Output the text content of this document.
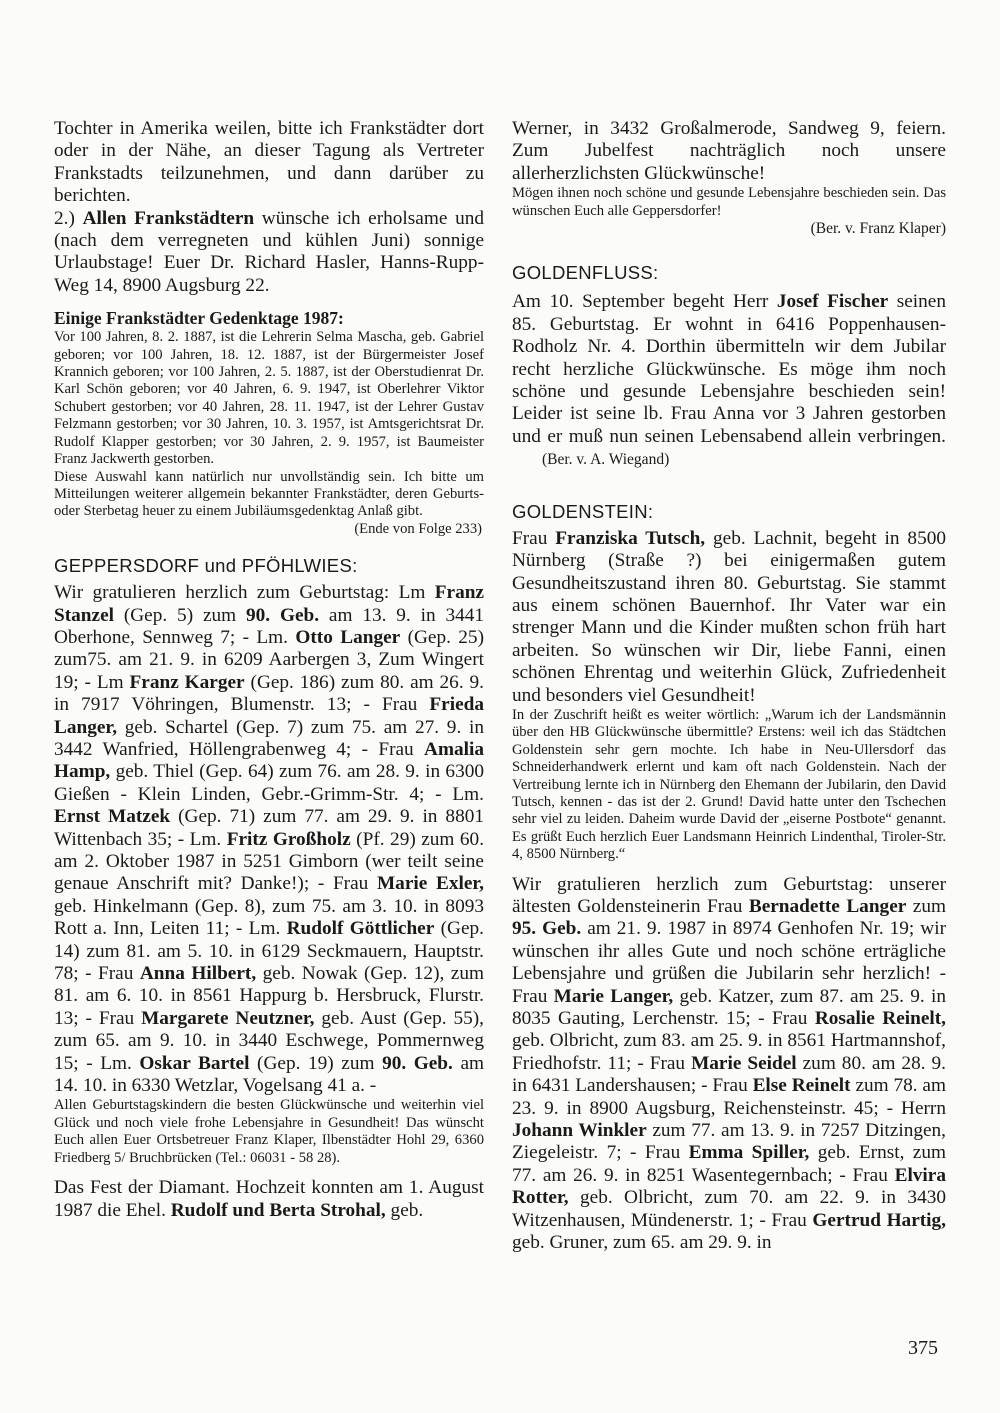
Tochter in Amerika weilen, bitte ich Frankstädter dort oder in der Nähe, an dieser Tagung als Vertreter Frankstadts teilzunehmen, und dann darüber zu berichten.

2.) Allen Frankstädtern wünsche ich erholsame und (nach dem verregneten und kühlen Juni) sonnige Urlaubstage! Euer Dr. Richard Hasler, Hanns-Rupp-Weg 14, 8900 Augsburg 22.

Einige Frankstädter Gedenktage 1987:

Vor 100 Jahren, 8. 2. 1887, ist die Lehrerin Selma Mascha, geb. Gabriel geboren; vor 100 Jahren, 18. 12. 1887, ist der Bürgermeister Josef Krannich geboren; vor 100 Jahren, 2. 5. 1887, ist der Oberstudienrat Dr. Karl Schön geboren; vor 40 Jahren, 6. 9. 1947, ist Oberlehrer Viktor Schubert gestorben; vor 40 Jahren, 28. 11. 1947, ist der Lehrer Gustav Felzmann gestorben; vor 30 Jahren, 10. 3. 1957, ist Amtsgerichtsrat Dr. Rudolf Klapper gestorben; vor 30 Jahren, 2. 9. 1957, ist Baumeister Franz Jackwerth gestorben.

Diese Auswahl kann natürlich nur unvollständig sein. Ich bitte um Mitteilungen weiterer allgemein bekannter Frankstädter, deren Geburts- oder Sterbetag heuer zu einem Jubiläumsgedenktag Anlaß gibt.

(Ende von Folge 233)

GEPPERSDORF und PFÖHLWIES:

Wir gratulieren herzlich zum Geburtstag: Lm Franz Stanzel (Gep. 5) zum 90. Geb. am 13. 9. in 3441 Oberhone, Sennweg 7; - Lm. Otto Langer (Gep. 25) zum75. am 21. 9. in 6209 Aarbergen 3, Zum Wingert 19; - Lm Franz Karger (Gep. 186) zum 80. am 26. 9. in 7917 Vöhringen, Blumenstr. 13; - Frau Frieda Langer, geb. Schartel (Gep. 7) zum 75. am 27. 9. in 3442 Wanfried, Höllengrabenweg 4; - Frau Amalia Hamp, geb. Thiel (Gep. 64) zum 76. am 28. 9. in 6300 Gießen - Klein Linden, Gebr.-Grimm-Str. 4; - Lm. Ernst Matzek (Gep. 71) zum 77. am 29. 9. in 8801 Wittenbach 35; - Lm. Fritz Großholz (Pf. 29) zum 60. am 2. Oktober 1987 in 5251 Gimborn (wer teilt seine genaue Anschrift mit? Danke!); - Frau Marie Exler, geb. Hinkelmann (Gep. 8), zum 75. am 3. 10. in 8093 Rott a. Inn, Leiten 11; - Lm. Rudolf Göttlicher (Gep. 14) zum 81. am 5. 10. in 6129 Seckmauern, Hauptstr. 78; - Frau Anna Hilbert, geb. Nowak (Gep. 12), zum 81. am 6. 10. in 8561 Happurg b. Hersbruck, Flurstr. 13; - Frau Margarete Neutzner, geb. Aust (Gep. 55), zum 65. am 9. 10. in 3440 Eschwege, Pommernweg 15; - Lm. Oskar Bartel (Gep. 19) zum 90. Geb. am 14. 10. in 6330 Wetzlar, Vogelsang 41 a. -

Allen Geburtstagskindern die besten Glückwünsche und weiterhin viel Glück und noch viele frohe Lebensjahre in Gesundheit! Das wünscht Euch allen Euer Ortsbetreuer Franz Klaper, Ilbenstädter Hohl 29, 6360 Friedberg 5/ Bruchbrücken (Tel.: 06031 - 58 28).

Das Fest der Diamant. Hochzeit konnten am 1. August 1987 die Ehel. Rudolf und Berta Strohal, geb.

Werner, in 3432 Großalmerode, Sandweg 9, feiern. Zum Jubelfest nachträglich noch unsere allerherzlichsten Glückwünsche!

Mögen ihnen noch schöne und gesunde Lebensjahre beschieden sein. Das wünschen Euch alle Geppersdorfer!

(Ber. v. Franz Klaper)

GOLDENFLUSS:

Am 10. September begeht Herr Josef Fischer seinen 85. Geburtstag. Er wohnt in 6416 Poppenhausen-Rodholz Nr. 4. Dorthin übermitteln wir dem Jubilar recht herzliche Glückwünsche. Es möge ihm noch schöne und gesunde Lebensjahre beschieden sein! Leider ist seine lb. Frau Anna vor 3 Jahren gestorben und er muß nun seinen Lebensabend allein verbringen.(Ber. v. A. Wiegand)

GOLDENSTEIN:

Frau Franziska Tutsch, geb. Lachnit, begeht in 8500 Nürnberg (Straße ?) bei einigermaßen gutem Gesundheitszustand ihren 80. Geburtstag. Sie stammt aus einem schönen Bauernhof. Ihr Vater war ein strenger Mann und die Kinder mußten schon früh hart arbeiten. So wünschen wir Dir, liebe Fanni, einen schönen Ehrentag und weiterhin Glück, Zufriedenheit und besonders viel Gesundheit!

In der Zuschrift heißt es weiter wörtlich: „Warum ich der Landsmännin über den HB Glückwünsche übermittle? Erstens: weil ich das Städtchen Goldenstein sehr gern mochte. Ich habe in Neu-Ullersdorf das Schneiderhandwerk erlernt und kam oft nach Goldenstein. Nach der Vertreibung lernte ich in Nürnberg den Ehemann der Jubilarin, den David Tutsch, kennen - das ist der 2. Grund! David hatte unter den Tschechen sehr viel zu leiden. Daheim wurde David der „eiserne Postbote“ genannt. Es grüßt Euch herzlich Euer Landsmann Heinrich Lindenthal, Tiroler-Str. 4, 8500 Nürnberg.“

Wir gratulieren herzlich zum Geburtstag: unserer ältesten Goldensteinerin Frau Bernadette Langer zum 95. Geb. am 21. 9. 1987 in 8974 Genhofen Nr. 19; wir wünschen ihr alles Gute und noch schöne erträgliche Lebensjahre und grüßen die Jubilarin sehr herzlich! - Frau Marie Langer, geb. Katzer, zum 87. am 25. 9. in 8035 Gauting, Lerchenstr. 15; - Frau Rosalie Reinelt, geb. Olbricht, zum 83. am 25. 9. in 8561 Hartmannshof, Friedhofstr. 11; - Frau Marie Seidel zum 80. am 28. 9. in 6431 Landershausen; - Frau Else Reinelt zum 78. am 23. 9. in 8900 Augsburg, Reichensteinstr. 45; - Herrn Johann Winkler zum 77. am 13. 9. in 7257 Ditzingen, Ziegeleistr. 7; - Frau Emma Spiller, geb. Ernst, zum 77. am 26. 9. in 8251 Wasentegernbach; - Frau Elvira Rotter, geb. Olbricht, zum 70. am 22. 9. in 3430 Witzenhausen, Mündenerstr. 1; - Frau Gertrud Hartig, geb. Gruner, zum 65. am 29. 9. in

375
